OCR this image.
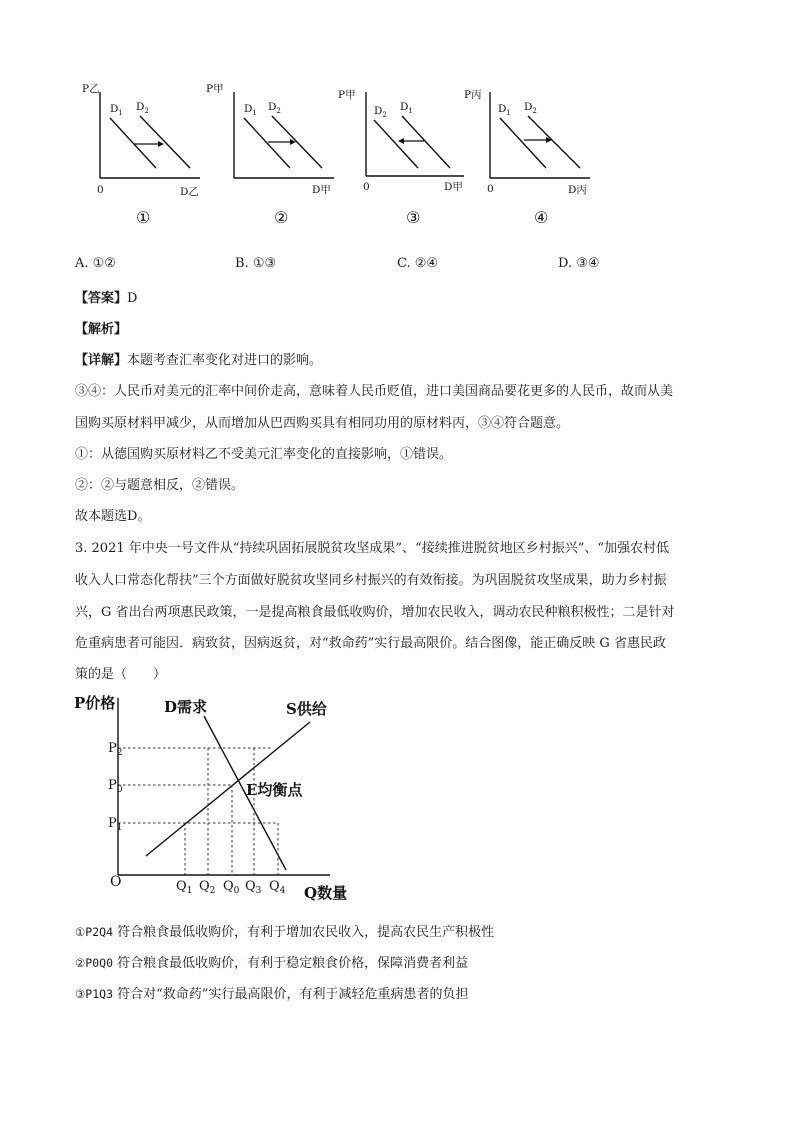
P乙
D乙
0
$D_1$ $D_2$
①
P甲
D甲
$D_1$ $D_2$
②
P甲
D甲
0
$D_2$
$D_1$
③
P丙
D丙
0
$D_1$ $D_2$
④
A. ①②	B. ①③	C. ②④	D. ③④
【答案】D
【解析】
【详解】本题考查汇率变化对进口的影响。
③④：人民币对美元的汇率中间价走高，意味着人民币贬值，进口美国商品要花更多的人民币，故而从美
国购买原材料甲减少，从而增加从巴西购买具有相同功用的原材料丙，③④符合题意。
①：从德国购买原材料乙不受美元汇率变化的直接影响，①错误。
②：②与题意相反，②错误。
故本题选D。
3. 2021 年中央一号文件从“持续巩固拓展脱贫攻坚成果”、“接续推进脱贫地区乡村振兴”、“加强农村低
收入人口常态化帮扶”三个方面做好脱贫攻坚同乡村振兴的有效衔接。为巩固脱贫攻坚成果，助力乡村振
兴，G 省出台两项惠民政策，一是提高粮食最低收购价，增加农民收入，调动农民种粮积极性；二是针对
危重病患者可能因．病致贫，因病返贫，对“救命药”实行最高限价。结合图像，能正确反映 G 省惠民政
策的是（　　）
P价格
Q数量
O
D需求	S供给
E均衡点
$P_2$
$P_0$
$P_1$
$Q_1$ $Q_2$ $Q_0$ $Q_3$ $Q_4$
①P2Q4 符合粮食最低收购价，有利于增加农民收入，提高农民生产积极性
②P0Q0 符合粮食最低收购价，有利于稳定粮食价格，保障消费者利益
③P1Q3 符合对“救命药”实行最高限价，有利于减轻危重病患者的负担
